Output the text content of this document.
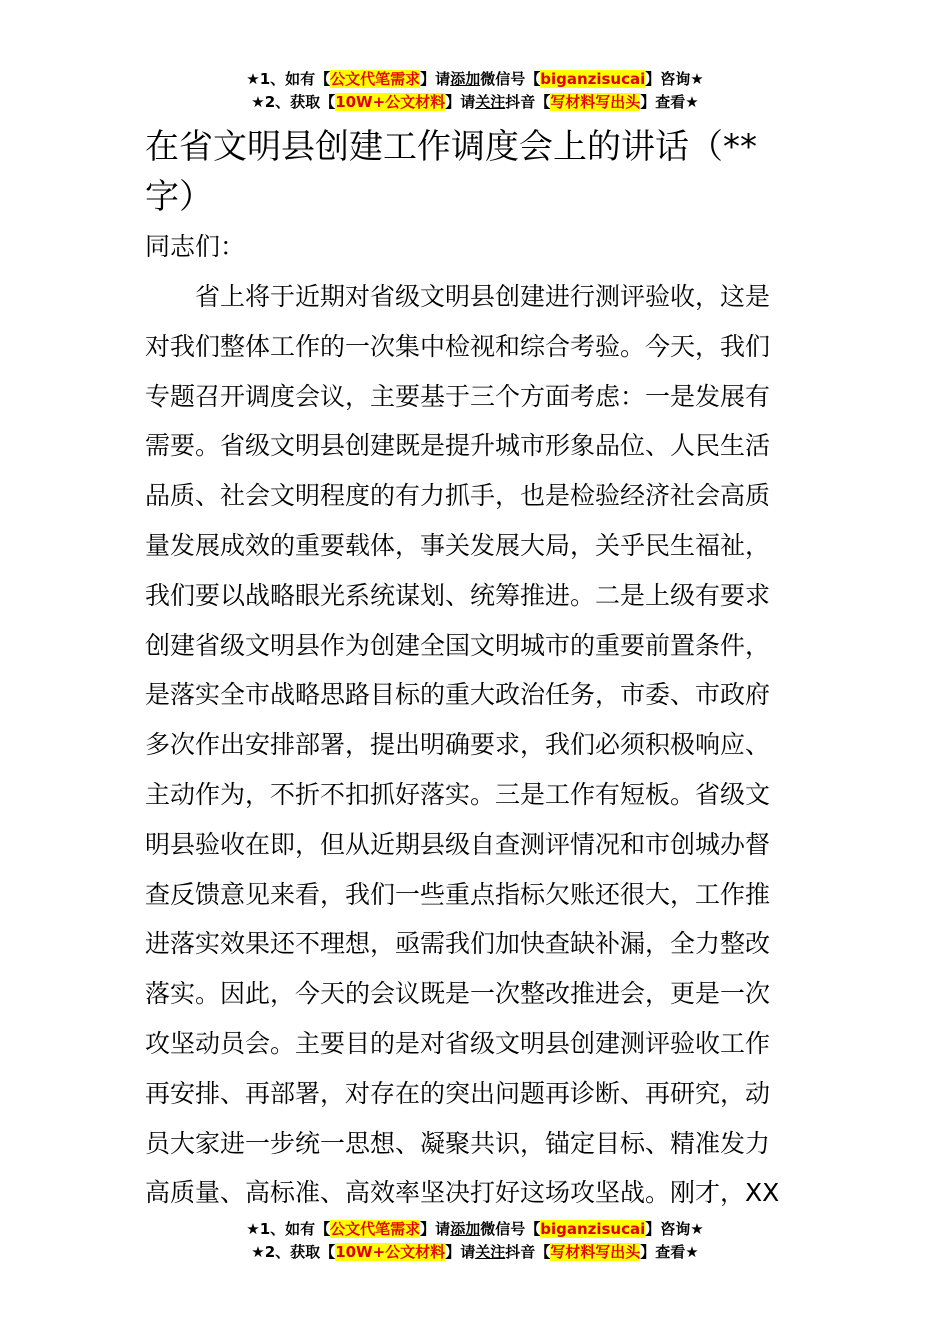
★1、如有【公文代笔需求】请添加微信号【biganzisucai】咨询★
★2、获取【10W+公文材料】请关注抖音【写材料写出头】查看★
在省文明县创建工作调度会上的讲话（**
字）

同志们：

省上将于近期对省级文明县创建进行测评验收，这是
对我们整体工作的一次集中检视和综合考验。今天，我们
专题召开调度会议，主要基于三个方面考虑：一是发展有
需要。省级文明县创建既是提升城市形象品位、人民生活
品质、社会文明程度的有力抓手，也是检验经济社会高质
量发展成效的重要载体，事关发展大局，关乎民生福祉，
我们要以战略眼光系统谋划、统筹推进。二是上级有要求
创建省级文明县作为创建全国文明城市的重要前置条件，
是落实全市战略思路目标的重大政治任务，市委、市政府
多次作出安排部署，提出明确要求，我们必须积极响应、
主动作为，不折不扣抓好落实。三是工作有短板。省级文
明县验收在即，但从近期县级自查测评情况和市创城办督
查反馈意见来看，我们一些重点指标欠账还很大，工作推
进落实效果还不理想，亟需我们加快查缺补漏，全力整改
落实。因此，今天的会议既是一次整改推进会，更是一次
攻坚动员会。主要目的是对省级文明县创建测评验收工作
再安排、再部署，对存在的突出问题再诊断、再研究，动
员大家进一步统一思想、凝聚共识，锚定目标、精准发力
高质量、高标准、高效率坚决打好这场攻坚战。刚才，XX

★1、如有【公文代笔需求】请添加微信号【biganzisucai】咨询★
★2、获取【10W+公文材料】请关注抖音【写材料写出头】查看★
